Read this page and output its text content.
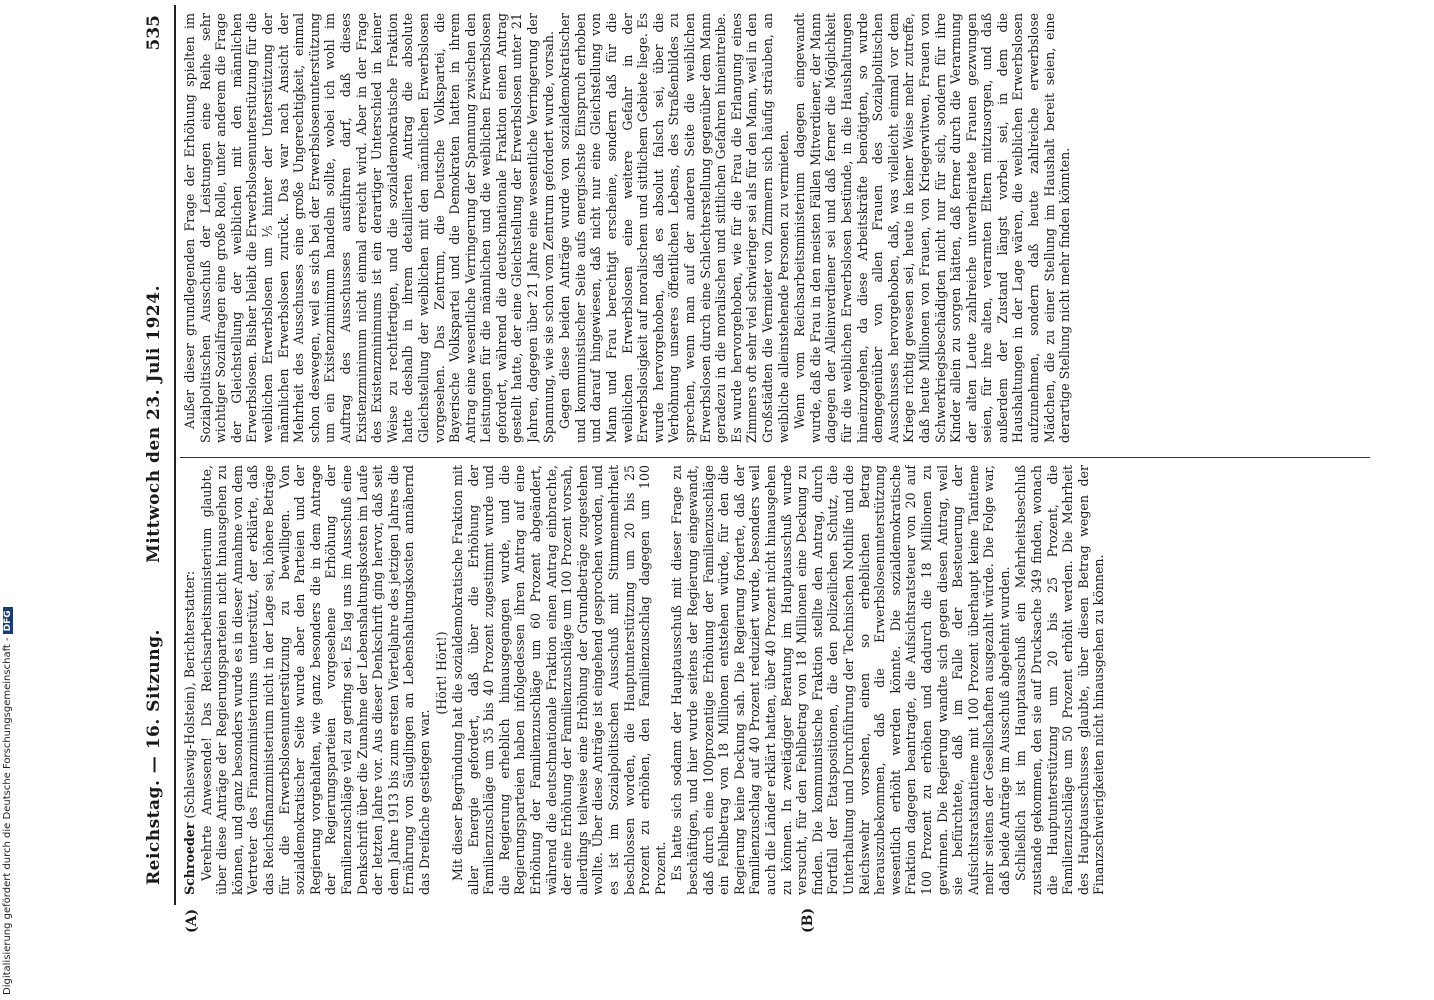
Reichstag. — 16. Sitzung.
Mittwoch den 23. Juli 1924.
535
(A)	(B)

Schroeder (Schleswig-Holstein), Berichterstatter: Verehrte Anwesende! Das Reichsarbeitsministerium glaubte, über diese Anträge der Regierungsparteien nicht hinausgehen zu können, und ganz besonders wurde es in dieser Annahme von dem Vertreter des Finanzministeriums unterstützt, der erklärte, daß das Reichsfinanzministerium nicht in der Lage sei, höhere Beträge für die Erwerbslosenunterstützung zu bewilligen. Von sozialdemokratischer Seite wurde aber den Parteien und der Regierung vorgehalten, wie ganz besonders die in dem Antrage der Regierungsparteien vorgesehene Erhöhung der Familienzuschläge viel zu gering sei. Es lag uns im Ausschuß eine Denkschrift über die Zunahme der Lebenshaltungskosten im Laufe der letzten Jahre vor. Aus dieser Denkschrift ging hervor, daß seit dem Jahre 1913 bis zum ersten Vierteljahre des jetzigen Jahres die Ernährung von Säuglingen an Lebenshaltungskosten annähernd das Dreifache gestiegen war.

(Hört! Hört!) Mit dieser Begründung hat die sozialdemokratische Fraktion mit aller Energie gefordert, daß über die Erhöhung der Familienzuschläge um 35 bis 40 Prozent zugestimmt wurde und die Regierung erheblich hinausgegangen wurde, und die Regierungsparteien haben infolgedessen ihren Antrag auf eine Erhöhung der Familienzuschläge um 60 Prozent abgeändert, während die deutschnationale Fraktion einen Antrag einbrachte, der eine Erhöhung der Familienzuschläge um 100 Prozent vorsah, allerdings teilweise eine Erhöhung der Grundbeträge zugestehen wollte. Über diese Anträge ist eingehend gesprochen worden, und es ist im Sozialpolitischen Ausschuß mit Stimmenmehrheit beschlossen worden, die Hauptunterstützung um 20 bis 25 Prozent zu erhöhen, den Familienzuschlag dagegen um 100 Prozent. Es hatte sich sodann der Hauptausschuß mit dieser Frage zu beschäftigen, und hier wurde seitens der Regierung eingewandt, daß durch eine 100prozentige Erhöhung der Familienzuschläge ein Fehlbetrag von 18 Millionen entstehen würde, für den die Regierung keine Deckung sah. Die Regierung forderte, daß der Familienzuschlag auf 40 Prozent reduziert wurde, besonders weil auch die Länder erklärt hatten, über 40 Prozent nicht hinausgehen zu können. In zweitägiger Beratung im Hauptausschuß wurde versucht, für den Fehlbetrag von 18 Millionen eine Deckung zu finden. Die kommunistische Fraktion stellte den Antrag, durch Fortfall der Etatspositionen, die den polizeilichen Schutz, die Unterhaltung und Durchführung der Technischen Nothilfe und die Reichswehr vorsehen, einen so erheblichen Betrag herauszubekommen, daß die Erwerbslosenunterstützung wesentlich erhöht werden könnte. Die sozialdemokratische Fraktion dagegen beantragte, die Aufsichtsratsteuer von 20 auf 100 Prozent zu erhöhen und dadurch die 18 Millionen zu gewinnen. Die Regierung wandte sich gegen diesen Antrag, weil sie befürchtete, daß im Falle der Besteuerung der Aufsichtsratstantieme mit 100 Prozent überhaupt keine Tantieme mehr seitens der Gesellschaften ausgezahlt würde. Die Folge war, daß beide Anträge im Ausschuß abgelehnt wurden. Schließlich ist im Hauptausschuß ein Mehrheitsbeschluß zustande gekommen, den sie auf Drucksache 349 finden, wonach die Hauptunterstützung um 20 bis 25 Prozent, die Familienzuschläge um 50 Prozent erhöht werden. Die Mehrheit des Hauptausschusses glaubte, über diesen Betrag wegen der Finanzschwierigkeiten nicht hinausgehen zu können.

Außer dieser grundlegenden Frage der Erhöhung spielten im Sozialpolitischen Ausschuß der Leistungen eine Reihe sehr wichtiger Sozialfragen eine große Rolle, unter anderem die Frage der Gleichstellung der weiblichen mit den männlichen Erwerbslosen. Bisher bleibt die Erwerbslosenunterstützung für die weiblichen Erwerbslosen um ⅕ hinter der Unterstützung der männlichen Erwerbslosen zurück. Das war nach Ansicht der Mehrheit des Ausschusses eine große Ungerechtigkeit, einmal schon deswegen, weil es sich bei der Erwerbslosenunterstützung um ein Existenzminimum handeln sollte, wobei ich wohl im Auftrag des Ausschusses ausführen darf, daß dieses Existenzminimum nicht einmal erreicht wird. Aber in der Frage des Existenzminimums ist ein derartiger Unterschied in keiner Weise zu rechtfertigen, und die sozialdemokratische Fraktion hatte deshalb in ihrem detaillierten Antrag die absolute Gleichstellung der weiblichen mit den männlichen Erwerbslosen vorgesehen. Das Zentrum, die Deutsche Volkspartei, die Bayerische Volkspartei und die Demokraten hatten in ihrem Antrag eine wesentliche Verringerung der Spannung zwischen den Leistungen für die männlichen und die weiblichen Erwerbslosen gefordert, während die deutschnationale Fraktion einen Antrag gestellt hatte, der eine Gleichstellung der Erwerbslosen unter 21 Jahren, dagegen über 21 Jahre eine wesentliche Verringerung der Spannung, wie sie schon vom Zentrum gefordert wurde, vorsah. Gegen diese beiden Anträge wurde von sozialdemokratischer und kommunistischer Seite aufs energischste Einspruch erhoben und darauf hingewiesen, daß nicht nur eine Gleichstellung von Mann und Frau berechtigt erscheine, sondern daß für die weiblichen Erwerbslosen eine weitere Gefahr in der Erwerbslosigkeit auf moralischem und sittlichem Gebiete liege. Es wurde hervorgehoben, daß es absolut falsch sei, über die Verhöhnung unseres öffentlichen Lebens, des Straßenbildes zu sprechen, wenn man auf der anderen Seite die weiblichen Erwerbslosen durch eine Schlechterstellung gegenüber dem Mann geradezu in die moralischen und sittlichen Gefahren hineintreibe. Es wurde hervorgehoben, wie für die Frau die Erlangung eines Zimmers oft sehr viel schwieriger sei als für den Mann, weil in den Großstädten die Vermieter von Zimmern sich häufig sträuben, an weibliche alleinstehende Personen zu vermieten. Wenn vom Reichsarbeitsministerium dagegen eingewandt wurde, daß die Frau in den meisten Fällen Mitverdiener, der Mann dagegen der Alleinverdiener sei und daß ferner die Möglichkeit für die weiblichen Erwerbslosen bestünde, in die Haushaltungen hineinzugehen, da diese Arbeitskräfte benötigten, so wurde demgegenüber von allen Frauen des Sozialpolitischen Ausschusses hervorgehoben, daß, was vielleicht einmal vor dem Kriege richtig gewesen sei, heute in keiner Weise mehr zutreffe, daß heute Millionen von Frauen, von Kriegerwitwen, Frauen von Schwerkriegsbeschädigten nicht nur für sich, sondern für ihre Kinder allein zu sorgen hätten, daß ferner durch die Verarmung der alten Leute zahlreiche unverheiratete Frauen gezwungen seien, für ihre alten, verarmten Eltern mitzusorgen, und daß außerdem der Zustand längst vorbei sei, in dem die Haushaltungen in der Lage wären, die weiblichen Erwerbslosen aufzunehmen, sondern daß heute zahlreiche erwerbslose Mädchen, die zu einer Stellung im Haushalt bereit seien, eine derartige Stellung nicht mehr finden könnten.

Digitalisierung gefördert durch die Deutsche Forschungsgemeinschaft -DFG
